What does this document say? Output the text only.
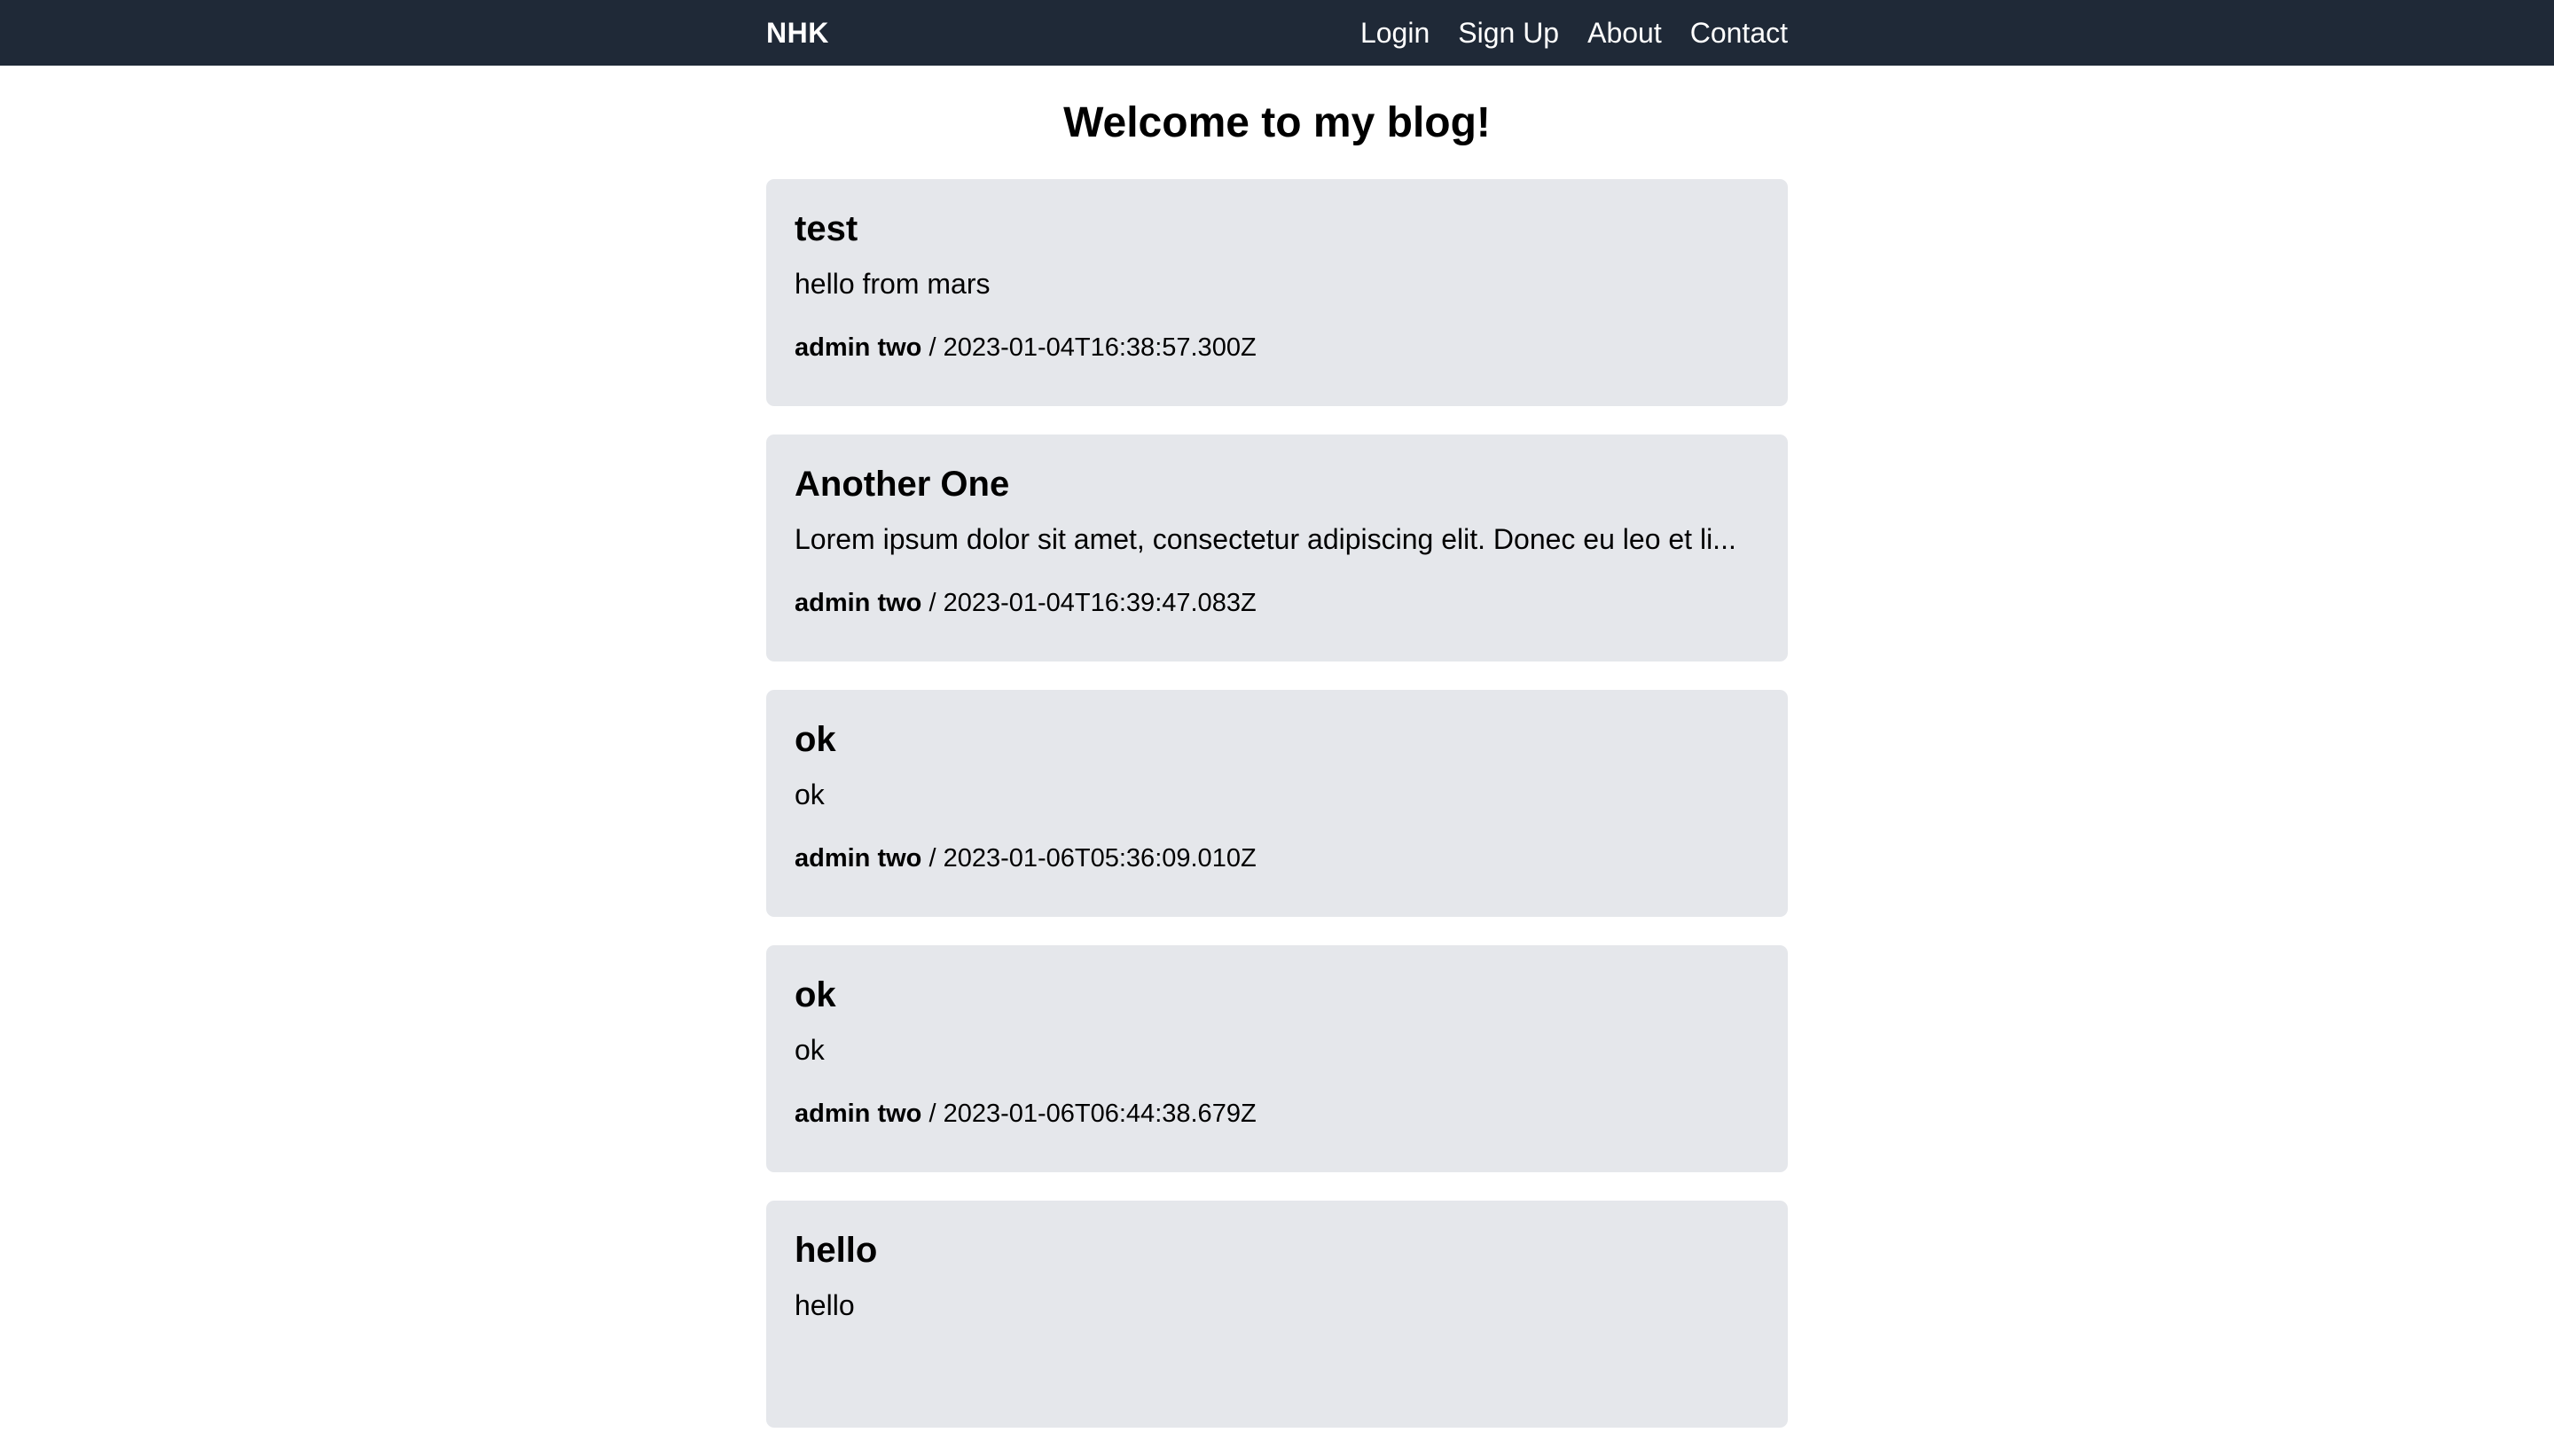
NHK	Login Sign Up About Contact
Welcome to my blog!
test

hello from mars

admin two / 2023-01-04T16:38:57.300Z
Another One

Lorem ipsum dolor sit amet, consectetur adipiscing elit. Donec eu leo et li...

admin two / 2023-01-04T16:39:47.083Z
ok

ok

admin two / 2023-01-06T05:36:09.010Z
ok

ok

admin two / 2023-01-06T06:44:38.679Z
hello

hello
